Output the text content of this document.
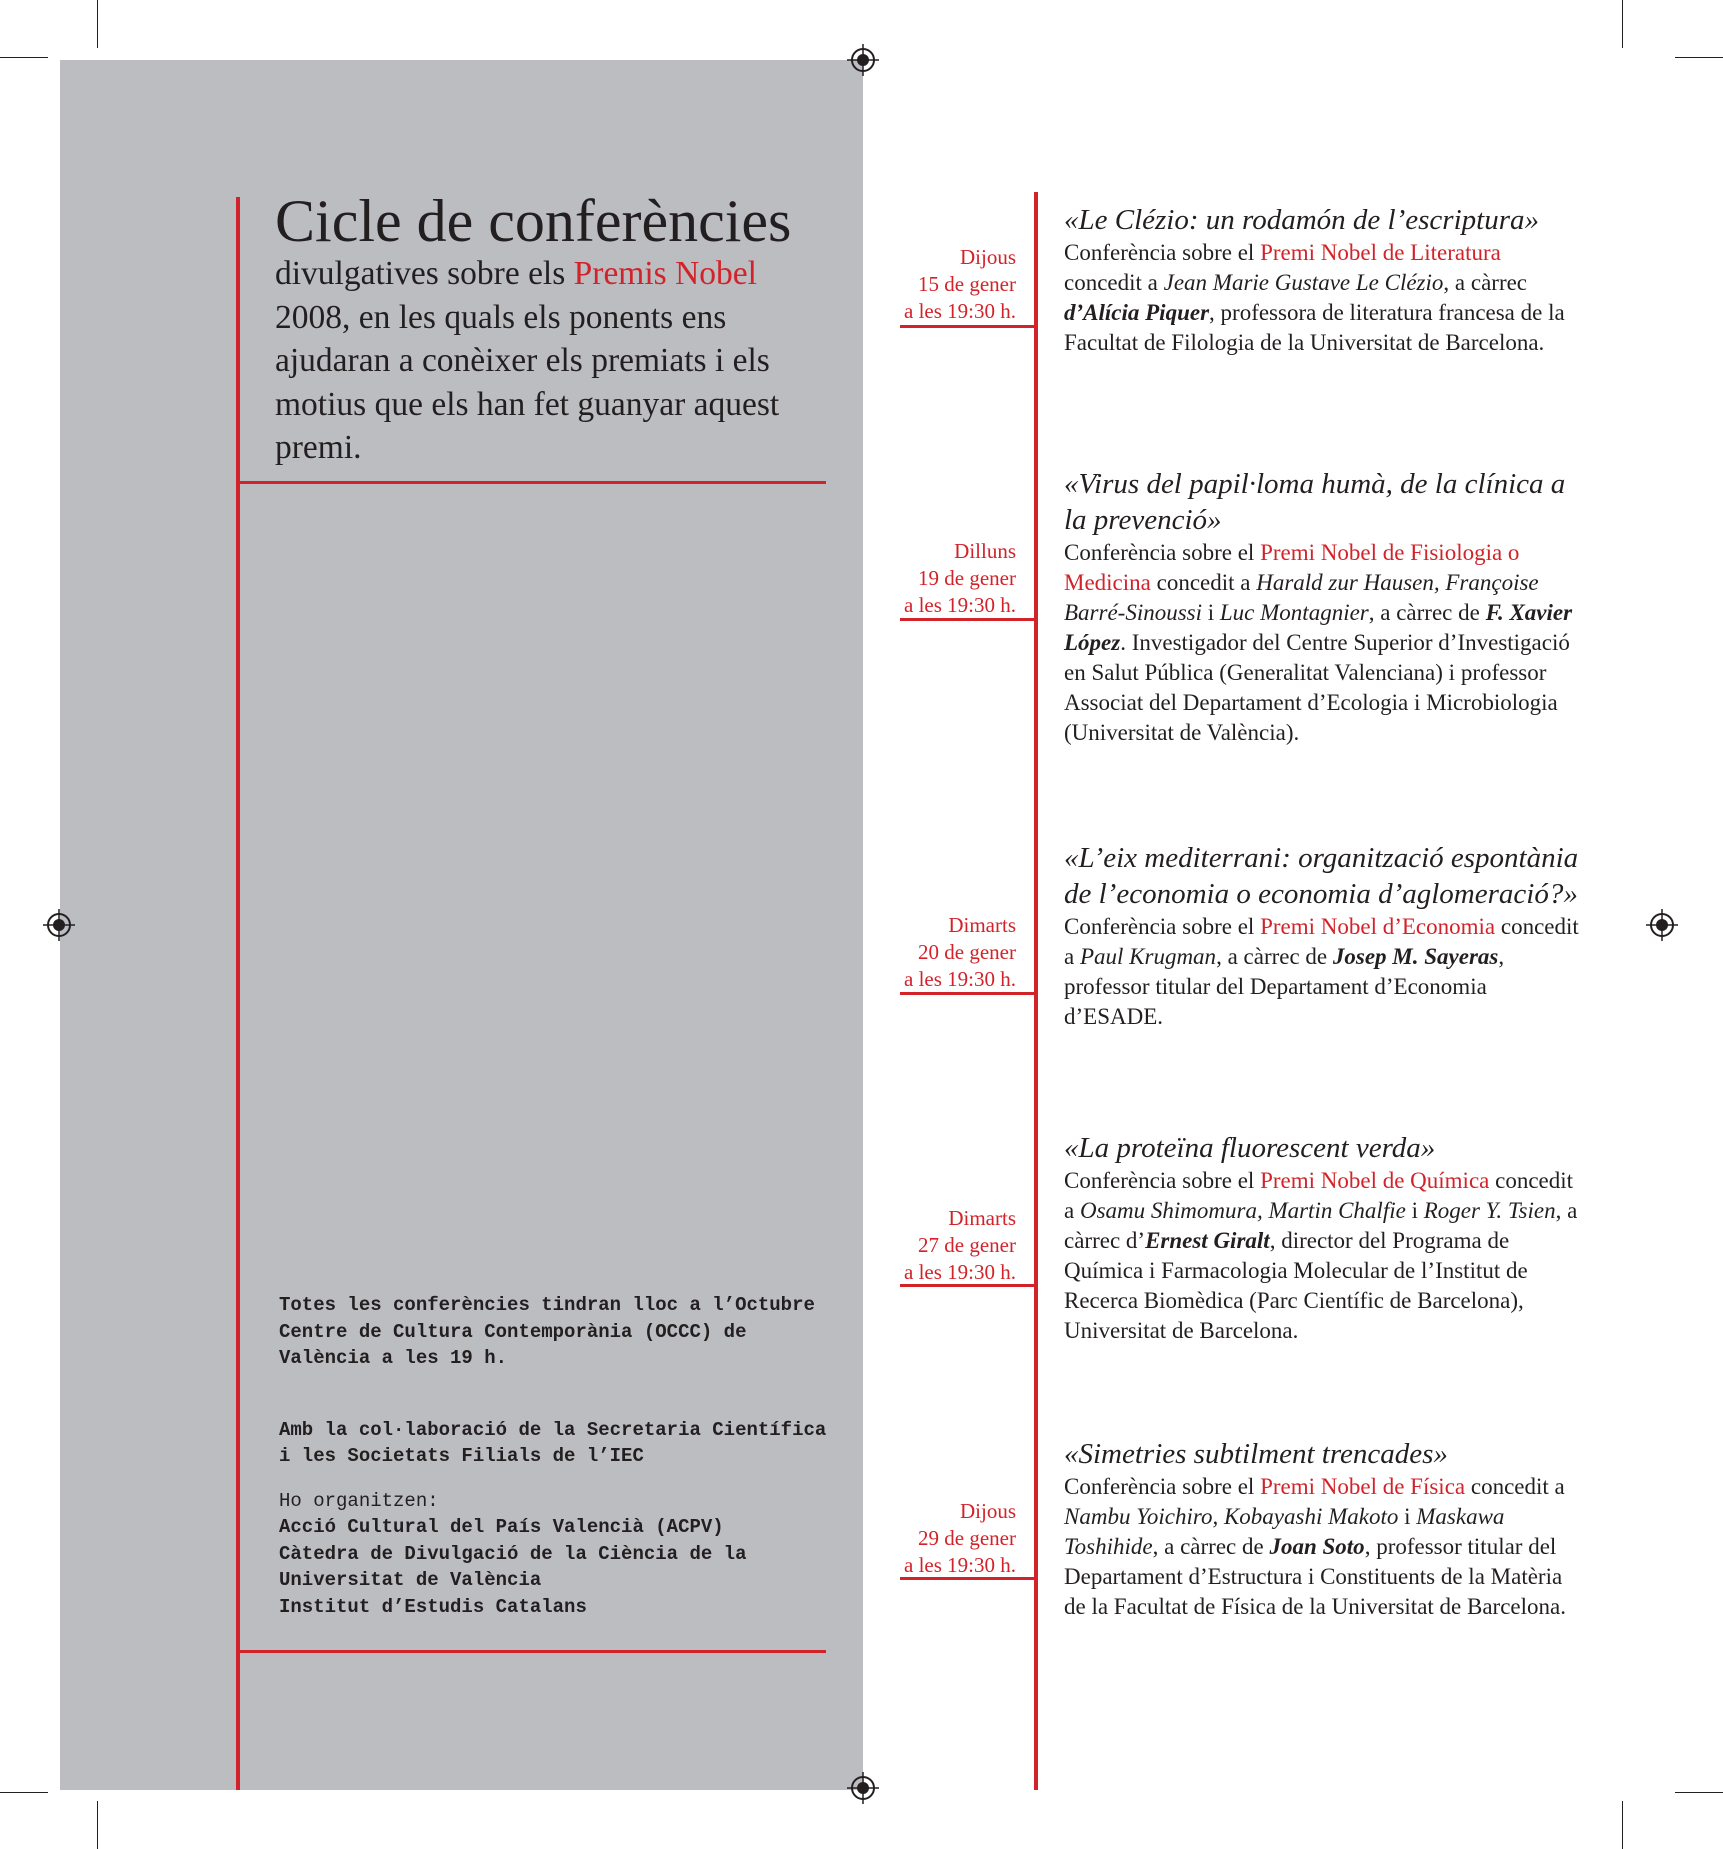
Cicle de conferències

divulgatives sobre els Premis Nobel 2008, en les quals els ponents ens ajudaran a conèixer els premiats i els motius que els han fet guanyar aquest premi.

Totes les conferències tindran lloc a l’Octubre Centre de Cultura Contemporània (OCCC) de València a les 19 h.

Amb la col·laboració de la Secretaria Científica i les Societats Filials de l’IEC

Ho organitzen:

Acció Cultural del País Valencià (ACPV)

Càtedra de Divulgació de la Ciència de la Universitat de València

Institut d’Estudis Catalans

Dijous
15 de gener
a les 19:30 h.
Dilluns
19 de gener
a les 19:30 h.
Dimarts
20 de gener
a les 19:30 h.
Dimarts
27 de gener
a les 19:30 h.
Dijous
29 de gener
a les 19:30 h.
«Le Clézio: un rodamón de l’escriptura»

Conferència sobre el Premi Nobel de Literatura concedit a Jean Marie Gustave Le Clézio, a càrrec d’Alícia Piquer, professora de literatura francesa de la Facultat de Filologia de la Universitat de Barcelona.

«Virus del papil·loma humà, de la clínica a la prevenció»

Conferència sobre el Premi Nobel de Fisiologia o Medicina concedit a Harald zur Hausen, Françoise Barré-Sinoussi i Luc Montagnier, a càrrec de F. Xavier López. Investigador del Centre Superior d’Investigació en Salut Pública (Generalitat Valenciana) i professor Associat del Departament d’Ecologia i Microbiologia (Universitat de València).

«L’eix mediterrani: organització espontània de l’economia o economia d’aglomeració?»

Conferència sobre el Premi Nobel d’Economia concedit a Paul Krugman, a càrrec de Josep M. Sayeras, professor titular del Departament d’Economia d’ESADE.

«La proteïna fluorescent verda»

Conferència sobre el Premi Nobel de Química concedit a Osamu Shimomura, Martin Chalfie i Roger Y. Tsien, a càrrec d’Ernest Giralt, director del Programa de Química i Farmacologia Molecular de l’Institut de Recerca Biomèdica (Parc Científic de Barcelona), Universitat de Barcelona.

«Simetries subtilment trencades»

Conferència sobre el Premi Nobel de Física concedit a Nambu Yoichiro, Kobayashi Makoto i Maskawa Toshihide, a càrrec de Joan Soto, professor titular del Departament d’Estructura i Constituents de la Matèria de la Facultat de Física de la Universitat de Barcelona.
